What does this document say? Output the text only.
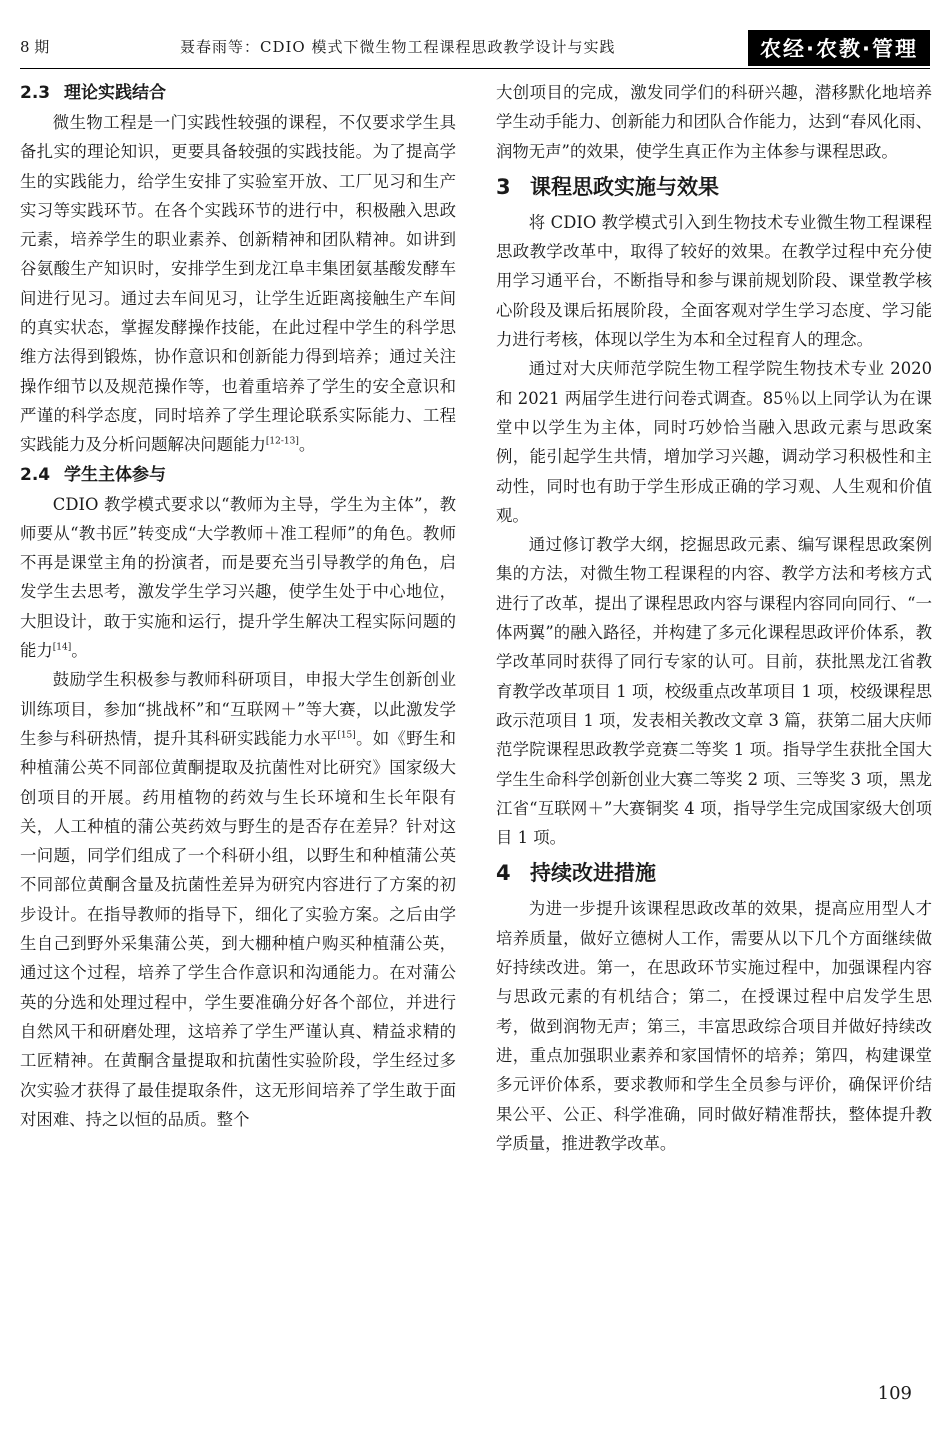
8 期	聂春雨等：CDIO 模式下微生物工程课程思政教学设计与实践	农经·农教·管理
2.3 理论实践结合

微生物工程是一门实践性较强的课程，不仅要求学生具备扎实的理论知识，更要具备较强的实践技能。为了提高学生的实践能力，给学生安排了实验室开放、工厂见习和生产实习等实践环节。在各个实践环节的进行中，积极融入思政元素，培养学生的职业素养、创新精神和团队精神。如讲到谷氨酸生产知识时，安排学生到龙江阜丰集团氨基酸发酵车间进行见习。通过去车间见习，让学生近距离接触生产车间的真实状态，掌握发酵操作技能，在此过程中学生的科学思维方法得到锻炼，协作意识和创新能力得到培养；通过关注操作细节以及规范操作等，也着重培养了学生的安全意识和严谨的科学态度，同时培养了学生理论联系实际能力、工程实践能力及分析问题解决问题能力[12-13]。

2.4 学生主体参与

CDIO 教学模式要求以“教师为主导，学生为主体”，教师要从“教书匠”转变成“大学教师＋准工程师”的角色。教师不再是课堂主角的扮演者，而是要充当引导教学的角色，启发学生去思考，激发学生学习兴趣，使学生处于中心地位，大胆设计，敢于实施和运行，提升学生解决工程实际问题的能力[14]。

鼓励学生积极参与教师科研项目，申报大学生创新创业训练项目，参加“挑战杯”和“互联网＋”等大赛，以此激发学生参与科研热情，提升其科研实践能力水平[15]。如《野生和种植蒲公英不同部位黄酮提取及抗菌性对比研究》国家级大创项目的开展。药用植物的药效与生长环境和生长年限有关，人工种植的蒲公英药效与野生的是否存在差异？针对这一问题，同学们组成了一个科研小组，以野生和种植蒲公英不同部位黄酮含量及抗菌性差异为研究内容进行了方案的初步设计。在指导教师的指导下，细化了实验方案。之后由学生自己到野外采集蒲公英，到大棚种植户购买种植蒲公英，通过这个过程，培养了学生合作意识和沟通能力。在对蒲公英的分选和处理过程中，学生要准确分好各个部位，并进行自然风干和研磨处理，这培养了学生严谨认真、精益求精的工匠精神。在黄酮含量提取和抗菌性实验阶段，学生经过多次实验才获得了最佳提取条件，这无形间培养了学生敢于面对困难、持之以恒的品质。整个

大创项目的完成，激发同学们的科研兴趣，潜移默化地培养学生动手能力、创新能力和团队合作能力，达到“春风化雨、润物无声”的效果，使学生真正作为主体参与课程思政。

3 课程思政实施与效果

将 CDIO 教学模式引入到生物技术专业微生物工程课程思政教学改革中，取得了较好的效果。在教学过程中充分使用学习通平台，不断指导和参与课前规划阶段、课堂教学核心阶段及课后拓展阶段，全面客观对学生学习态度、学习能力进行考核，体现以学生为本和全过程育人的理念。

通过对大庆师范学院生物工程学院生物技术专业 2020 和 2021 两届学生进行问卷式调查。85％以上同学认为在课堂中以学生为主体，同时巧妙恰当融入思政元素与思政案例，能引起学生共情，增加学习兴趣，调动学习积极性和主动性，同时也有助于学生形成正确的学习观、人生观和价值观。

通过修订教学大纲，挖掘思政元素、编写课程思政案例集的方法，对微生物工程课程的内容、教学方法和考核方式进行了改革，提出了课程思政内容与课程内容同向同行、“一体两翼”的融入路径，并构建了多元化课程思政评价体系，教学改革同时获得了同行专家的认可。目前，获批黑龙江省教育教学改革项目 1 项，校级重点改革项目 1 项，校级课程思政示范项目 1 项，发表相关教改文章 3 篇，获第二届大庆师范学院课程思政教学竞赛二等奖 1 项。指导学生获批全国大学生生命科学创新创业大赛二等奖 2 项、三等奖 3 项，黑龙江省“互联网＋”大赛铜奖 4 项，指导学生完成国家级大创项目 1 项。

4 持续改进措施

为进一步提升该课程思政改革的效果，提高应用型人才培养质量，做好立德树人工作，需要从以下几个方面继续做好持续改进。第一，在思政环节实施过程中，加强课程内容与思政元素的有机结合；第二，在授课过程中启发学生思考，做到润物无声；第三，丰富思政综合项目并做好持续改进，重点加强职业素养和家国情怀的培养；第四，构建课堂多元评价体系，要求教师和学生全员参与评价，确保评价结果公平、公正、科学准确，同时做好精准帮扶，整体提升教学质量，推进教学改革。

109
